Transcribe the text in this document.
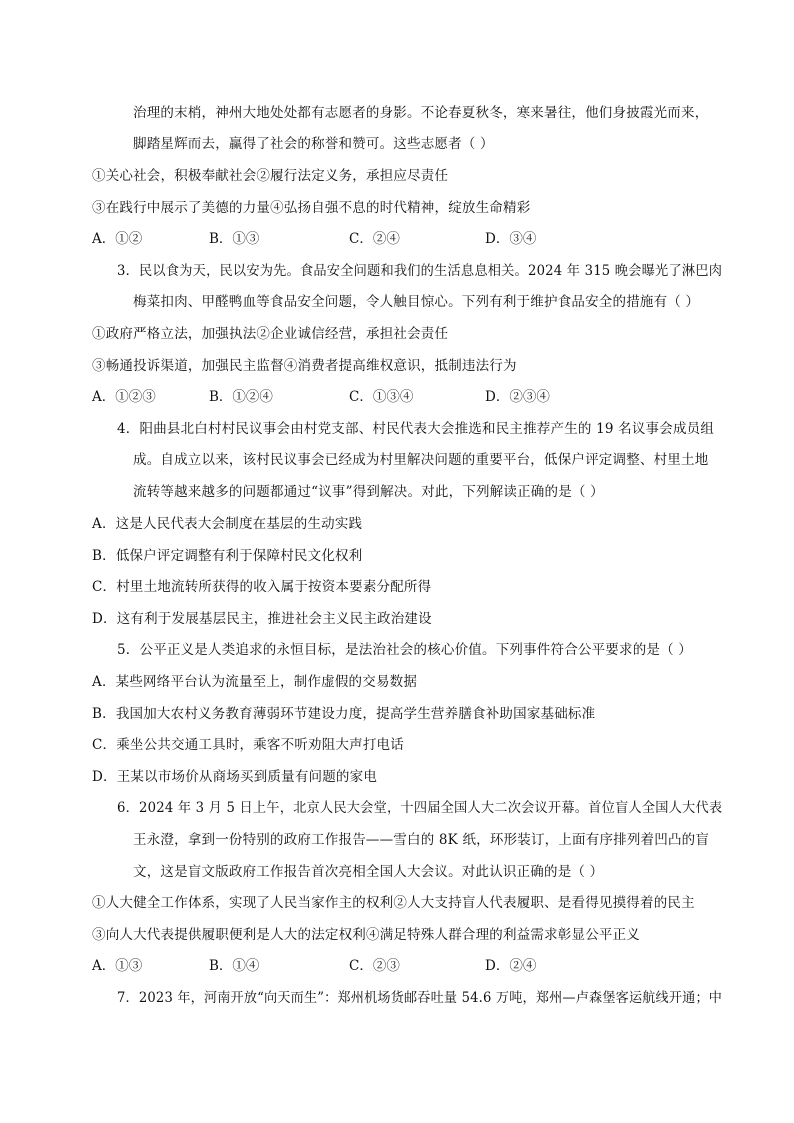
治理的末梢，神州大地处处都有志愿者的身影。不论春夏秋冬，寒来暑往，他们身披霞光而来，
脚踏星辉而去，赢得了社会的称誉和赞可。这些志愿者（ ）
①关心社会，积极奉献社会②履行法定义务，承担应尽责任
③在践行中展示了美德的力量④弘扬自强不息的时代精神，绽放生命精彩
A．①②	B．①③	C．②④	D．③④
3．民以食为天，民以安为先。食品安全问题和我们的生活息息相关。2024 年 315 晚会曝光了淋巴肉
梅菜扣肉、甲醛鸭血等食品安全问题，令人触目惊心。下列有利于维护食品安全的措施有（ ）
①政府严格立法，加强执法②企业诚信经营，承担社会责任
③畅通投诉渠道，加强民主监督④消费者提高维权意识，抵制违法行为
A．①②③	B．①②④	C．①③④	D．②③④
4．阳曲县北白村村民议事会由村党支部、村民代表大会推选和民主推荐产生的 19 名议事会成员组
成。自成立以来，该村民议事会已经成为村里解决问题的重要平台，低保户评定调整、村里土地
流转等越来越多的问题都通过“议事”得到解决。对此，下列解读正确的是（ ）
A．这是人民代表大会制度在基层的生动实践
B．低保户评定调整有利于保障村民文化权利
C．村里土地流转所获得的收入属于按资本要素分配所得
D．这有利于发展基层民主，推进社会主义民主政治建设
5．公平正义是人类追求的永恒目标，是法治社会的核心价值。下列事件符合公平要求的是（ ）
A．某些网络平台认为流量至上，制作虚假的交易数据
B．我国加大农村义务教育薄弱环节建设力度，提高学生营养膳食补助国家基础标准
C．乘坐公共交通工具时，乘客不听劝阻大声打电话
D．王某以市场价从商场买到质量有问题的家电
6．2024 年 3 月 5 日上午，北京人民大会堂，十四届全国人大二次会议开幕。首位盲人全国人大代表
王永澄，拿到一份特别的政府工作报告——雪白的 8K 纸，环形装订，上面有序排列着凹凸的盲
文，这是盲文版政府工作报告首次亮相全国人大会议。对此认识正确的是（ ）
①人大健全工作体系，实现了人民当家作主的权利②人大支持盲人代表履职、是看得见摸得着的民主
③向人大代表提供履职便利是人大的法定权利④满足特殊人群合理的利益需求彰显公平正义
A．①③	B．①④	C．②③	D．②④
7．2023 年，河南开放“向天而生”：郑州机场货邮吞吐量 54.6 万吨，郑州—卢森堡客运航线开通；中
